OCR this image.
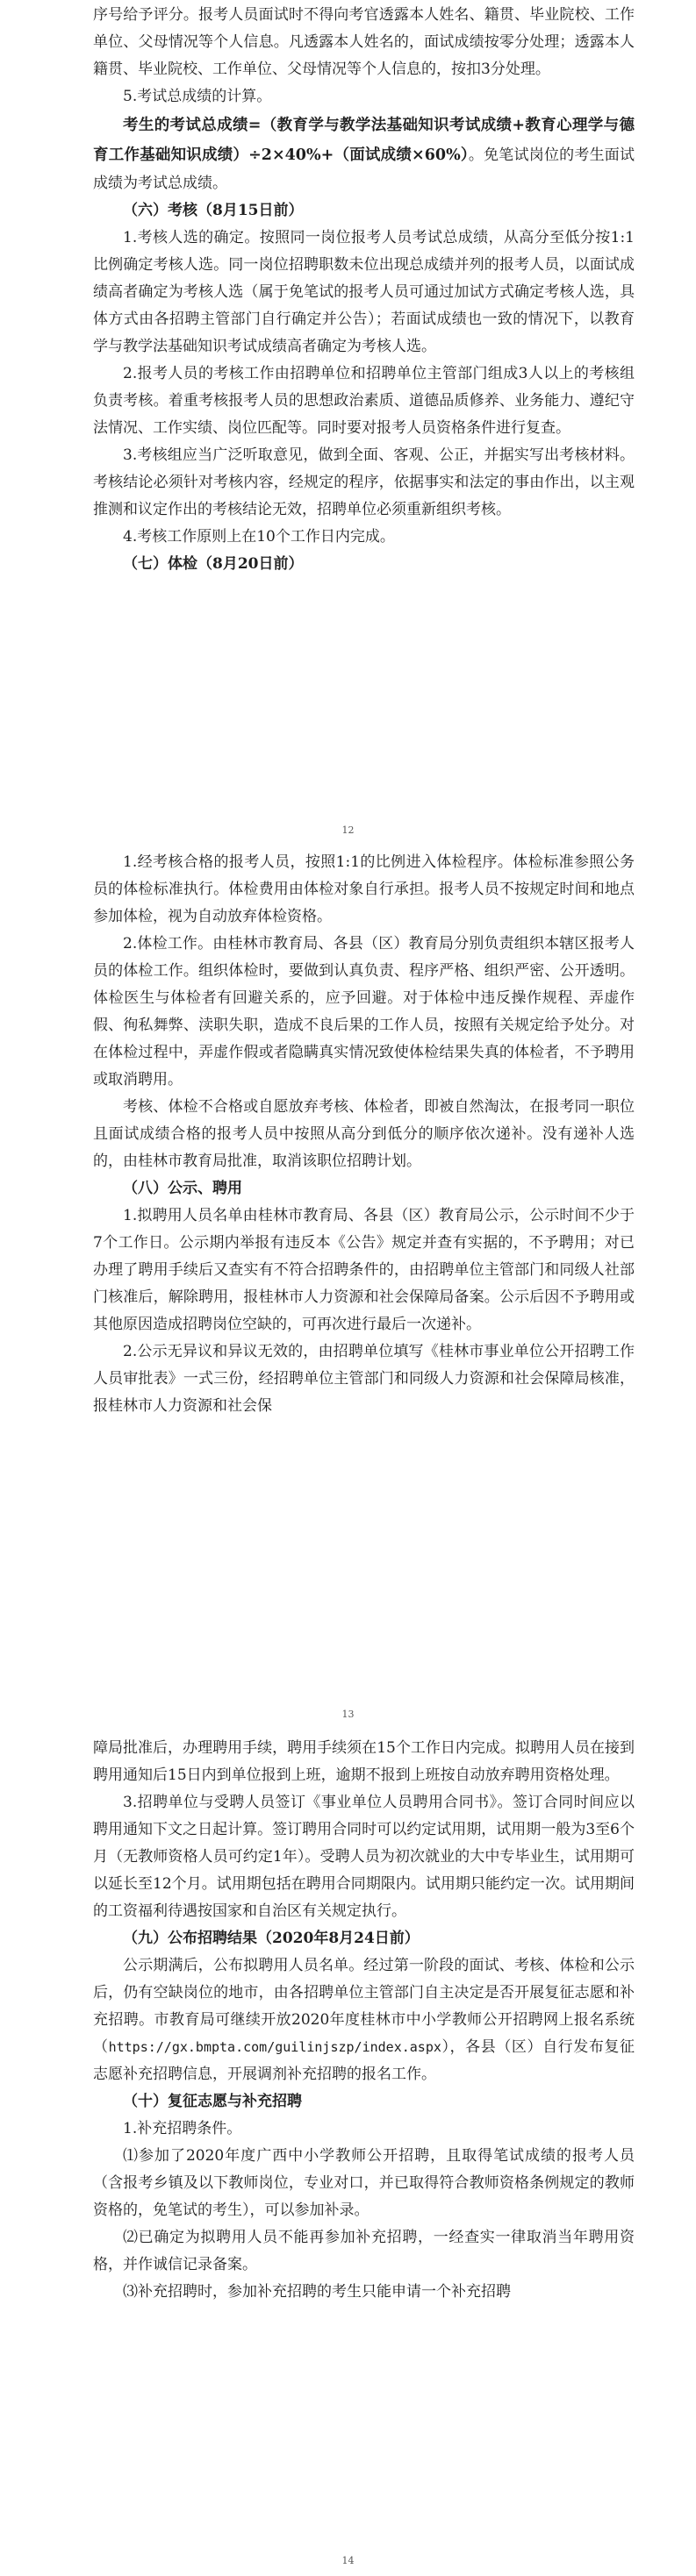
序号给予评分。报考人员面试时不得向考官透露本人姓名、籍贯、毕业院校、工作单位、父母情况等个人信息。凡透露本人姓名的，面试成绩按零分处理；透露本人籍贯、毕业院校、工作单位、父母情况等个人信息的，按扣3分处理。

5.考试总成绩的计算。

考生的考试总成绩=（教育学与教学法基础知识考试成绩+教育心理学与德育工作基础知识成绩）÷2×40%+（面试成绩×60%）。免笔试岗位的考生面试成绩为考试总成绩。

（六）考核（8月15日前）

1.考核人选的确定。按照同一岗位报考人员考试总成绩，从高分至低分按1:1比例确定考核人选。同一岗位招聘职数未位出现总成绩并列的报考人员，以面试成绩高者确定为考核人选（属于免笔试的报考人员可通过加试方式确定考核人选，具体方式由各招聘主管部门自行确定并公告）；若面试成绩也一致的情况下，以教育学与教学法基础知识考试成绩高者确定为考核人选。

2.报考人员的考核工作由招聘单位和招聘单位主管部门组成3人以上的考核组负责考核。着重考核报考人员的思想政治素质、道德品质修养、业务能力、遵纪守法情况、工作实绩、岗位匹配等。同时要对报考人员资格条件进行复查。

3.考核组应当广泛听取意见，做到全面、客观、公正，并据实写出考核材料。考核结论必须针对考核内容，经规定的程序，依据事实和法定的事由作出，以主观推测和议定作出的考核结论无效，招聘单位必须重新组织考核。

4.考核工作原则上在10个工作日内完成。

（七）体检（8月20日前）

12

1.经考核合格的报考人员，按照1:1的比例进入体检程序。体检标准参照公务员的体检标准执行。体检费用由体检对象自行承担。报考人员不按规定时间和地点参加体检，视为自动放弃体检资格。

2.体检工作。由桂林市教育局、各县（区）教育局分别负责组织本辖区报考人员的体检工作。组织体检时，要做到认真负责、程序严格、组织严密、公开透明。体检医生与体检者有回避关系的，应予回避。对于体检中违反操作规程、弄虚作假、徇私舞弊、渎职失职，造成不良后果的工作人员，按照有关规定给予处分。对在体检过程中，弄虚作假或者隐瞒真实情况致使体检结果失真的体检者，不予聘用或取消聘用。

考核、体检不合格或自愿放弃考核、体检者，即被自然淘汰，在报考同一职位且面试成绩合格的报考人员中按照从高分到低分的顺序依次递补。没有递补人选的，由桂林市教育局批准，取消该职位招聘计划。

（八）公示、聘用

1.拟聘用人员名单由桂林市教育局、各县（区）教育局公示，公示时间不少于7个工作日。公示期内举报有违反本《公告》规定并查有实据的，不予聘用；对已办理了聘用手续后又查实有不符合招聘条件的，由招聘单位主管部门和同级人社部门核准后，解除聘用，报桂林市人力资源和社会保障局备案。公示后因不予聘用或其他原因造成招聘岗位空缺的，可再次进行最后一次递补。

2.公示无异议和异议无效的，由招聘单位填写《桂林市事业单位公开招聘工作人员审批表》一式三份，经招聘单位主管部门和同级人力资源和社会保障局核准，报桂林市人力资源和社会保

13

障局批准后，办理聘用手续，聘用手续须在15个工作日内完成。拟聘用人员在接到聘用通知后15日内到单位报到上班，逾期不报到上班按自动放弃聘用资格处理。

3.招聘单位与受聘人员签订《事业单位人员聘用合同书》。签订合同时间应以聘用通知下文之日起计算。签订聘用合同时可以约定试用期，试用期一般为3至6个月（无教师资格人员可约定1年）。受聘人员为初次就业的大中专毕业生，试用期可以延长至12个月。试用期包括在聘用合同期限内。试用期只能约定一次。试用期间的工资福利待遇按国家和自治区有关规定执行。

（九）公布招聘结果（2020年8月24日前）

公示期满后，公布拟聘用人员名单。经过第一阶段的面试、考核、体检和公示后，仍有空缺岗位的地市，由各招聘单位主管部门自主决定是否开展复征志愿和补充招聘。市教育局可继续开放2020年度桂林市中小学教师公开招聘网上报名系统（https://gx.bmpta.com/guilinjszp/index.aspx），各县（区）自行发布复征志愿补充招聘信息，开展调剂补充招聘的报名工作。

（十）复征志愿与补充招聘

1.补充招聘条件。

⑴参加了2020年度广西中小学教师公开招聘，且取得笔试成绩的报考人员（含报考乡镇及以下教师岗位，专业对口，并已取得符合教师资格条例规定的教师资格的，免笔试的考生），可以参加补录。

⑵已确定为拟聘用人员不能再参加补充招聘，一经查实一律取消当年聘用资格，并作诚信记录备案。

⑶补充招聘时，参加补充招聘的考生只能申请一个补充招聘

14
